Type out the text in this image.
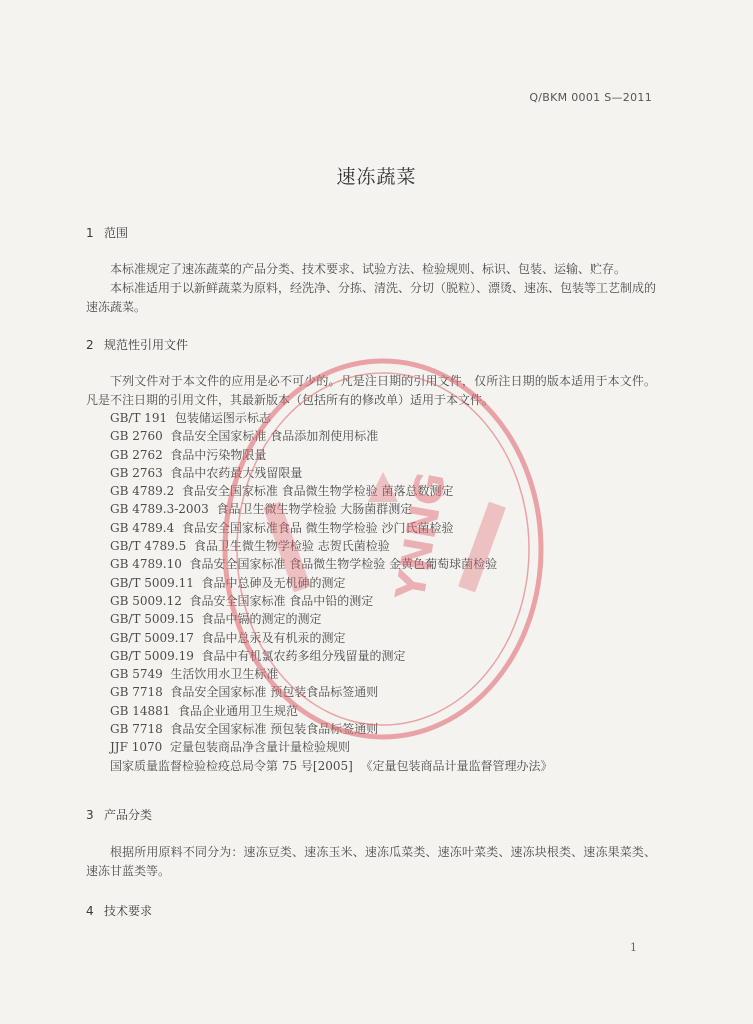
Q/BKM 0001 S—2011
速冻蔬菜
1 范围
本标准规定了速冻蔬菜的产品分类、技术要求、试验方法、检验规则、标识、包装、运输、贮存。
本标准适用于以新鲜蔬菜为原料，经洗净、分拣、清洗、分切（脱粒）、漂烫、速冻、包装等工艺制成的速冻蔬菜。
2 规范性引用文件
下列文件对于本文件的应用是必不可少的。凡是注日期的引用文件，仅所注日期的版本适用于本文件。凡是不注日期的引用文件，其最新版本（包括所有的修改单）适用于本文件。
GB/T 191 包装储运图示标志
GB 2760 食品安全国家标准 食品添加剂使用标准
GB 2762 食品中污染物限量
GB 2763 食品中农药最大残留限量
GB 4789.2 食品安全国家标准 食品微生物学检验 菌落总数测定
GB 4789.3-2003 食品卫生微生物学检验 大肠菌群测定
GB 4789.4 食品安全国家标准食品 微生物学检验 沙门氏菌检验
GB/T 4789.5 食品卫生微生物学检验 志贺氏菌检验
GB 4789.10 食品安全国家标准 食品微生物学检验 金黄色葡萄球菌检验
GB/T 5009.11 食品中总砷及无机砷的测定
GB 5009.12 食品安全国家标准 食品中铅的测定
GB/T 5009.15 食品中镉的测定的测定
GB/T 5009.17 食品中总汞及有机汞的测定
GB/T 5009.19 食品中有机氯农药多组分残留量的测定
GB 5749 生活饮用水卫生标准
GB 7718 食品安全国家标准 预包装食品标签通则
GB 14881 食品企业通用卫生规范
GB 7718 食品安全国家标准 预包装食品标签通则
JJF 1070 定量包装商品净含量计量检验规则
国家质量监督检验检疫总局令第 75 号[2005] 《定量包装商品计量监督管理办法》
3 产品分类
根据所用原料不同分为：速冻豆类、速冻玉米、速冻瓜菜类、速冻叶菜类、速冻块根类、速冻果菜类、速冻甘蓝类等。
4 技术要求
1
YNNG
